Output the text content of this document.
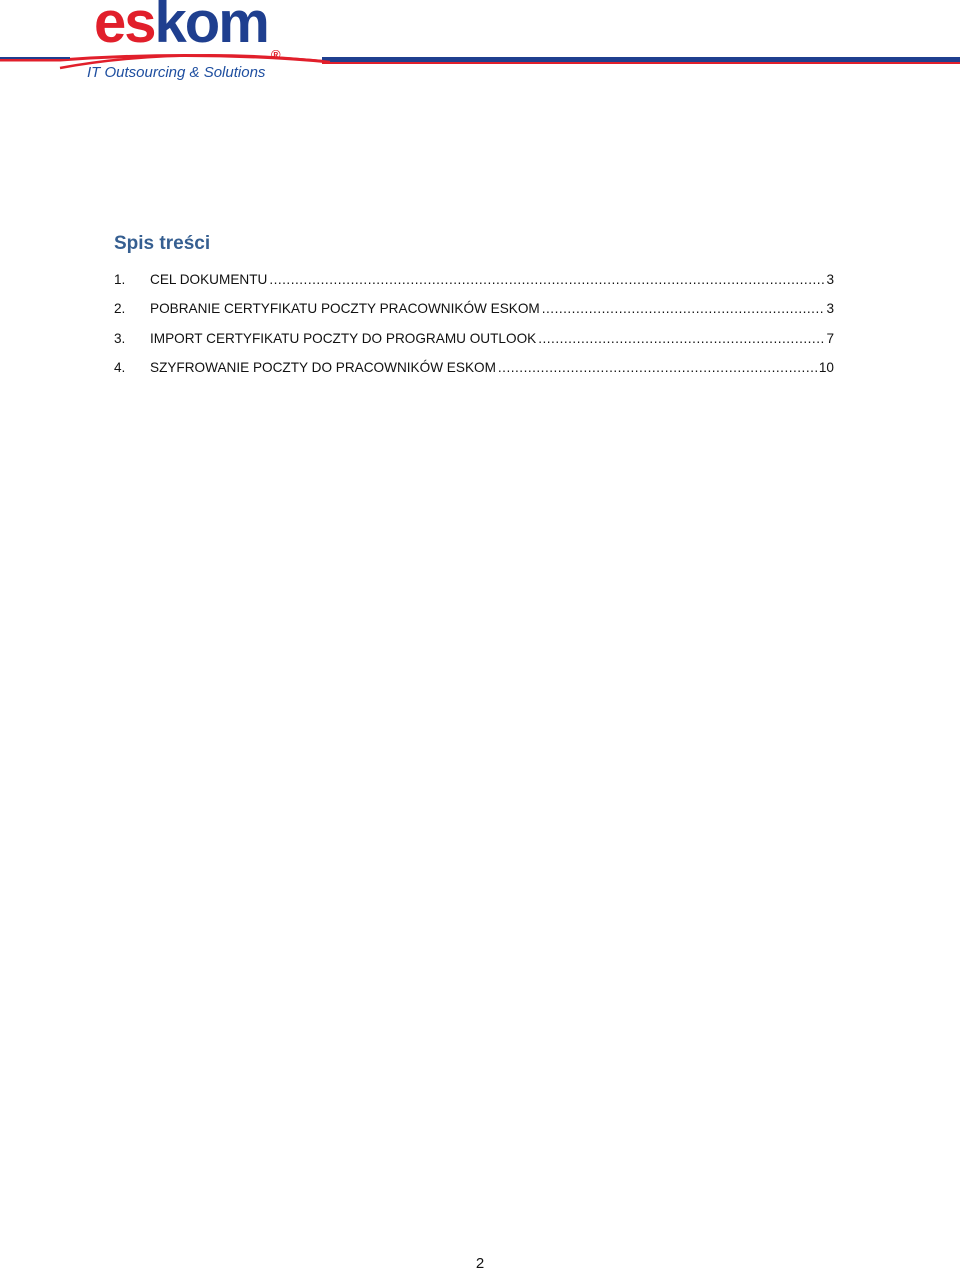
eskom ®
IT Outsourcing & Solutions
Spis treści
1.	CEL DOKUMENTU .....	3
2.	POBRANIE CERTYFIKATU POCZTY PRACOWNIKÓW ESKOM .....	3
3.	IMPORT CERTYFIKATU POCZTY DO PROGRAMU OUTLOOK .....	7
4.	SZYFROWANIE POCZTY DO PRACOWNIKÓW ESKOM .....	10
2
